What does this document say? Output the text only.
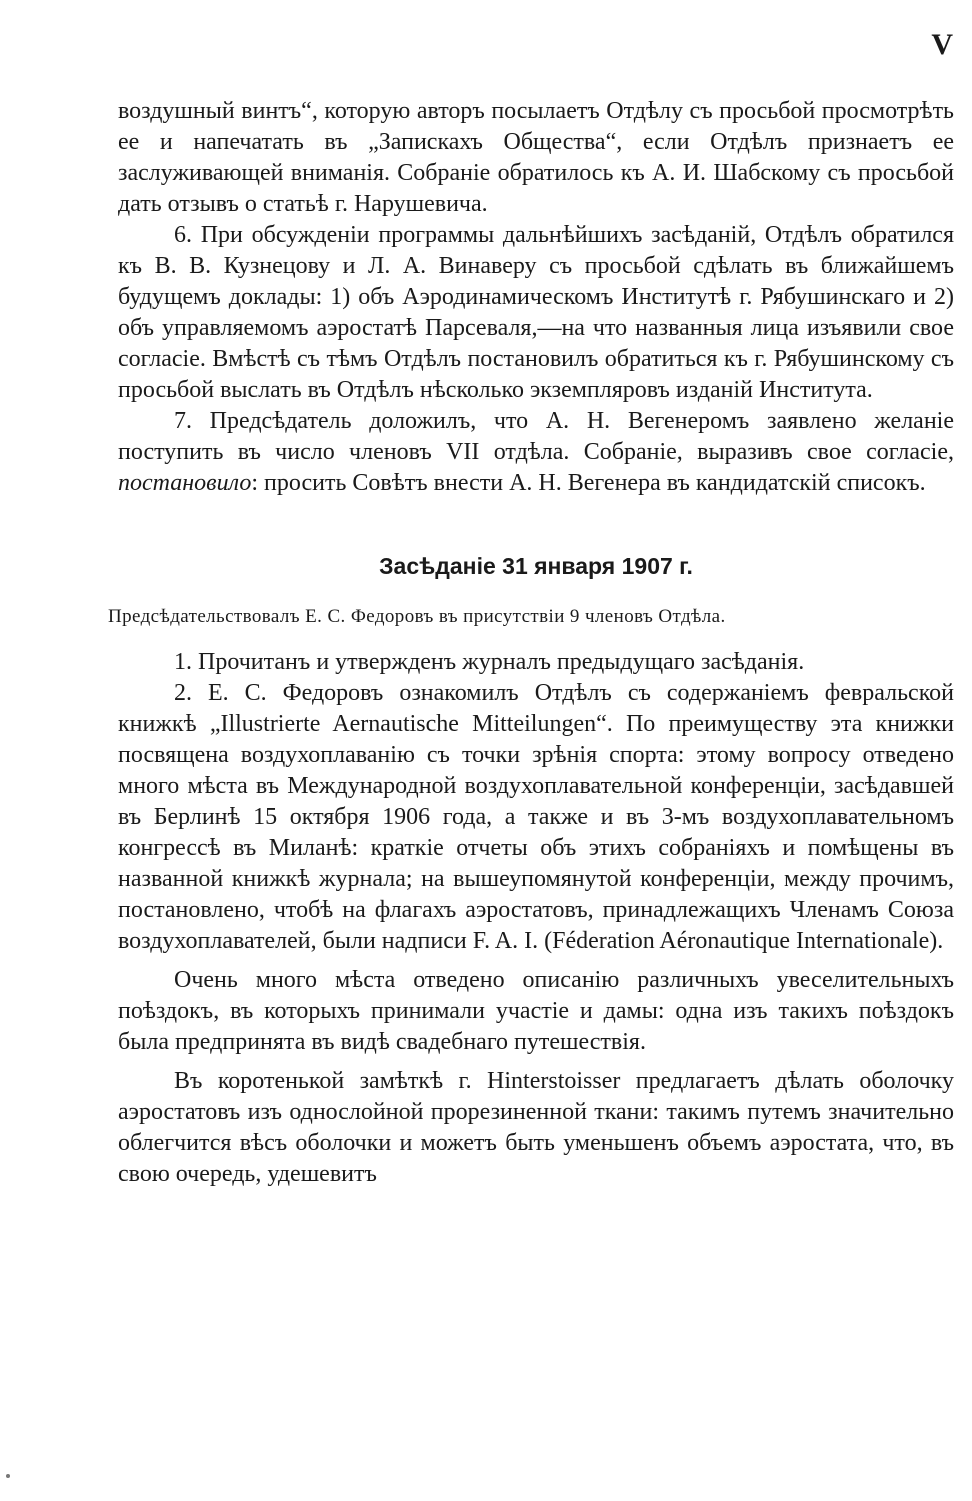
V

воздушный винтъ“, которую авторъ посылаетъ Отдѣлу съ просьбой просмотрѣть ее и напечатать въ „Запискахъ Общества“, если Отдѣлъ признаетъ ее заслуживающей вниманія. Собраніе обратилось къ А. И. Шабскому съ просьбой дать отзывъ о статьѣ г. Нарушевича.

6. При обсужденіи программы дальнѣйшихъ засѣданій, Отдѣлъ обратился къ В. В. Кузнецову и Л. А. Винаверу съ просьбой сдѣлать въ ближайшемъ будущемъ доклады: 1) объ Аэродинамическомъ Институтѣ г. Рябушинскаго и 2) объ управляемомъ аэростатѣ Парсеваля,—на что названныя лица изъявили свое согласіе. Вмѣстѣ съ тѣмъ Отдѣлъ постановилъ обратиться къ г. Рябушинскому съ просьбой выслать въ Отдѣлъ нѣсколько экземпляровъ изданій Института.

7. Предсѣдатель доложилъ, что А. Н. Вегенеромъ заявлено желаніе поступить въ число членовъ VII отдѣла. Собраніе, выразивъ свое согласіе, постановило: просить Совѣтъ внести А. Н. Вегенера въ кандидатскій списокъ.

Засѣданіе 31 января 1907 г.

Предсѣдательствовалъ Е. С. Федоровъ въ присутствіи 9 членовъ Отдѣла.

1. Прочитанъ и утвержденъ журналъ предыдущаго засѣданія.

2. Е. С. Федоровъ ознакомилъ Отдѣлъ съ содержаніемъ февральской книжкѣ „Illustrierte Aernautische Mitteilungen“. По преимуществу эта книжки посвящена воздухоплаванію съ точки зрѣнія спорта: этому вопросу отведено много мѣста въ Международной воздухоплавательной конференціи, засѣдавшей въ Берлинѣ 15 октября 1906 года, а также и въ 3-мъ воздухоплавательномъ конгрессѣ въ Миланѣ: краткіе отчеты объ этихъ собраніяхъ и помѣщены въ названной книжкѣ журнала; на вышеупомянутой конференціи, между прочимъ, постановлено, чтобѣ на флагахъ аэростатовъ, принадлежащихъ Членамъ Союза воздухоплавателей, были надписи F. A. I. (Féderation Aéronautique Internationale).

Очень много мѣста отведено описанію различныхъ увеселительныхъ поѣздокъ, въ которыхъ принимали участіе и дамы: одна изъ такихъ поѣздокъ была предпринята въ видѣ свадебнаго путешествія.

Въ коротенькой замѣткѣ г. Hinterstoisser предлагаетъ дѣлать оболочку аэростатовъ изъ однослойной прорезиненной ткани: такимъ путемъ значительно облегчится вѣсъ оболочки и можетъ быть уменьшенъ объемъ аэростата, что, въ свою очередь, удешевитъ
